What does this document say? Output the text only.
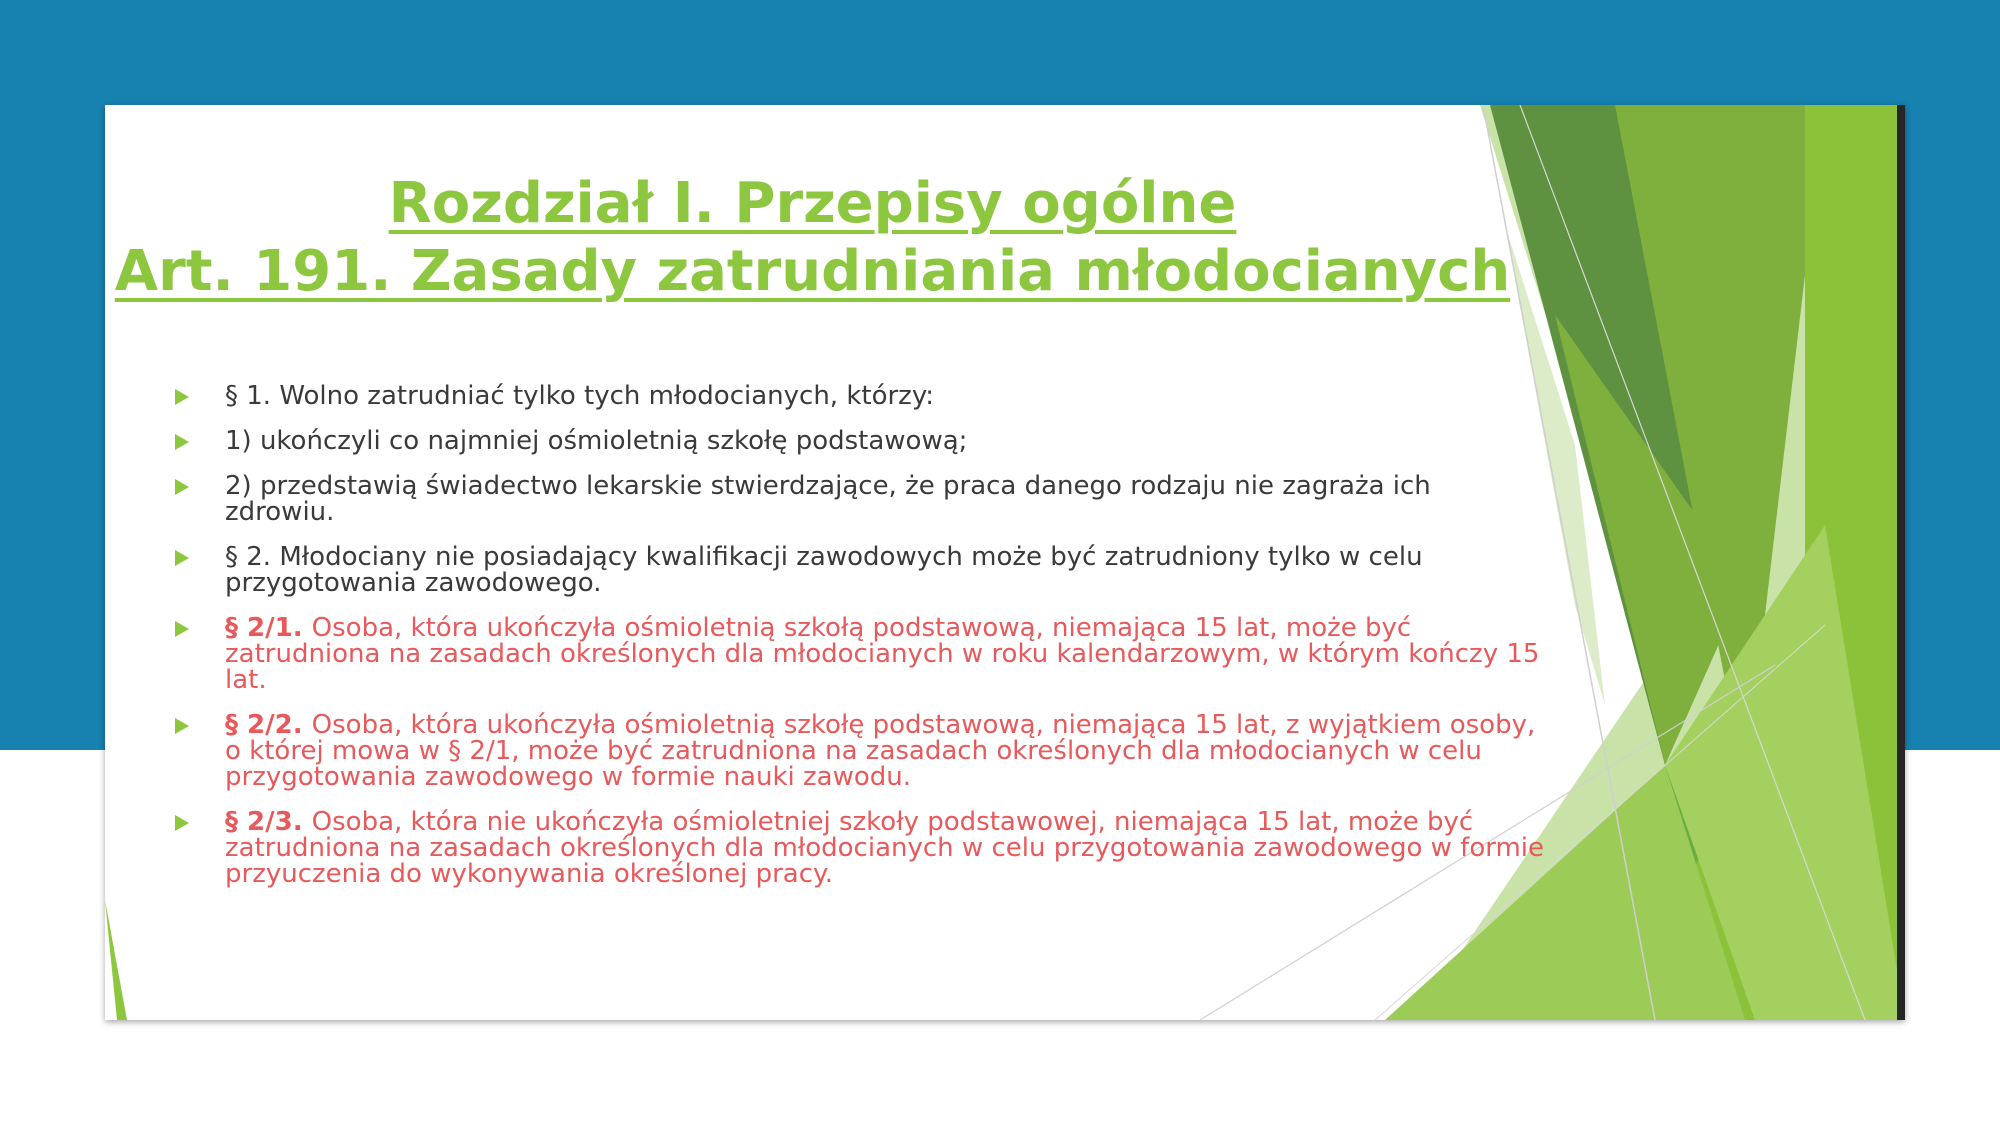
Rozdział I. Przepisy ogólne
Art. 191. Zasady zatrudniania młodocianych
§ 1. Wolno zatrudniać tylko tych młodocianych, którzy:
1) ukończyli co najmniej ośmioletnią szkołę podstawową;
2) przedstawią świadectwo lekarskie stwierdzające, że praca danego rodzaju nie zagraża ich zdrowiu.
§ 2. Młodociany nie posiadający kwalifikacji zawodowych może być zatrudniony tylko w celu przygotowania zawodowego.
§ 2/1. Osoba, która ukończyła ośmioletnią szkołą podstawową, niemająca 15 lat, może być zatrudniona na zasadach określonych dla młodocianych w roku kalendarzowym, w którym kończy 15 lat.
§ 2/2. Osoba, która ukończyła ośmioletnią szkołę podstawową, niemająca 15 lat, z wyjątkiem osoby, o której mowa w § 2/1, może być zatrudniona na zasadach określonych dla młodocianych w celu przygotowania zawodowego w formie nauki zawodu.
§ 2/3. Osoba, która nie ukończyła ośmioletniej szkoły podstawowej, niemająca 15 lat, może być zatrudniona na zasadach określonych dla młodocianych w celu przygotowania zawodowego w formie przyuczenia do wykonywania określonej pracy.
